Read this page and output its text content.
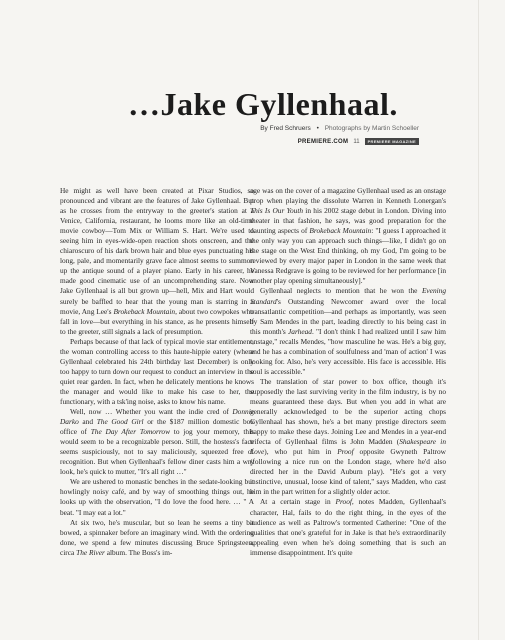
…Jake Gyllenhaal.
By Fred Schruers • Photographs by Martin Schoeller
PREMIERE.COM 11	PREMIERE MAGAZINE

He might as well have been created at Pixar Studios, so pronounced and vibrant are the features of Jake Gyllenhaal. But as he crosses from the entryway to the greeter's station at a Venice, California, restaurant, he looms more like an old-time movie cowboy—Tom Mix or William S. Hart. We're used to seeing him in eyes-wide-open reaction shots onscreen, and the chiaroscuro of his dark brown hair and blue eyes punctuating his long, pale, and momentarily grave face almost seems to summon up the antique sound of a player piano. Early in his career, he made good cinematic use of an uncomprehending stare. Now Jake Gyllenhaal is all but grown up—hell, Mix and Hart would surely be baffled to hear that the young man is starring in a movie, Ang Lee's Brokeback Mountain, about two cowpokes who fall in love—but everything in his stance, as he presents himself to the greeter, still signals a lack of presumption.

Perhaps because of that lack of typical movie star entitlement, the woman controlling access to this haute-hippie eatery (where Gyllenhaal celebrated his 24th birthday last December) is only too happy to turn down our request to conduct an interview in the quiet rear garden. In fact, when he delicately mentions he knows the manager and would like to make his case to her, the functionary, with a tsk'ing noise, asks to know his name.

Well, now … Whether you want the indie cred of Donnie Darko and The Good Girl or the $187 million domestic box office of The Day After Tomorrow to jog your memory, this would seem to be a recognizable person. Still, the hostess's face seems suspiciously, not to say maliciously, squeezed free of recognition. But when Gyllenhaal's fellow diner casts him a wry look, he's quick to mutter, "It's all right …"

We are ushered to monastic benches in the sedate-looking but howlingly noisy café, and by way of smoothing things out, he looks up with the observation, "I do love the food here. … " A beat. "I may eat a lot."

At six two, he's muscular, but so lean he seems a tiny bit bowed, a spinnaker before an imaginary wind. With the ordering done, we spend a few minutes discussing Bruce Springsteen, circa The River album. The Boss's im-

age was on the cover of a magazine Gyllenhaal used as an onstage prop when playing the dissolute Warren in Kenneth Lonergan's This Is Our Youth in his 2002 stage debut in London. Diving into theater in that fashion, he says, was good preparation for the daunting aspects of Brokeback Mountain: "I guess I approached it the only way you can approach such things—like, I didn't go on the stage on the West End thinking, oh my God, I'm going to be reviewed by every major paper in London in the same week that Vanessa Redgrave is going to be reviewed for her performance [in another play opening simultaneously]."

Gyllenhaal neglects to mention that he won the Evening Standard's Outstanding Newcomer award over the local transatlantic competition—and perhaps as importantly, was seen by Sam Mendes in the part, leading directly to his being cast in this month's Jarhead. "I don't think I had realized until I saw him onstage," recalls Mendes, "how masculine he was. He's a big guy, and he has a combination of soulfulness and 'man of action' I was looking for. Also, he's very accessible. His face is accessible. His soul is accessible."

The translation of star power to box office, though it's supposedly the last surviving verity in the film industry, is by no means guaranteed these days. But when you add in what are generally acknowledged to be the superior acting chops Gyllenhaal has shown, he's a bet many prestige directors seem happy to make these days. Joining Lee and Mendes in a year-end trifecta of Gyllenhaal films is John Madden (Shakespeare in Love), who put him in Proof opposite Gwyneth Paltrow (following a nice run on the London stage, where he'd also directed her in the David Auburn play). "He's got a very instinctive, unusual, loose kind of talent," says Madden, who cast him in the part written for a slightly older actor.

At a certain stage in Proof, notes Madden, Gyllenhaal's character, Hal, fails to do the right thing, in the eyes of the audience as well as Paltrow's tormented Catherine: "One of the qualities that one's grateful for in Jake is that he's extraordinarily appealing even when he's doing something that is such an immense disappointment. It's quite
